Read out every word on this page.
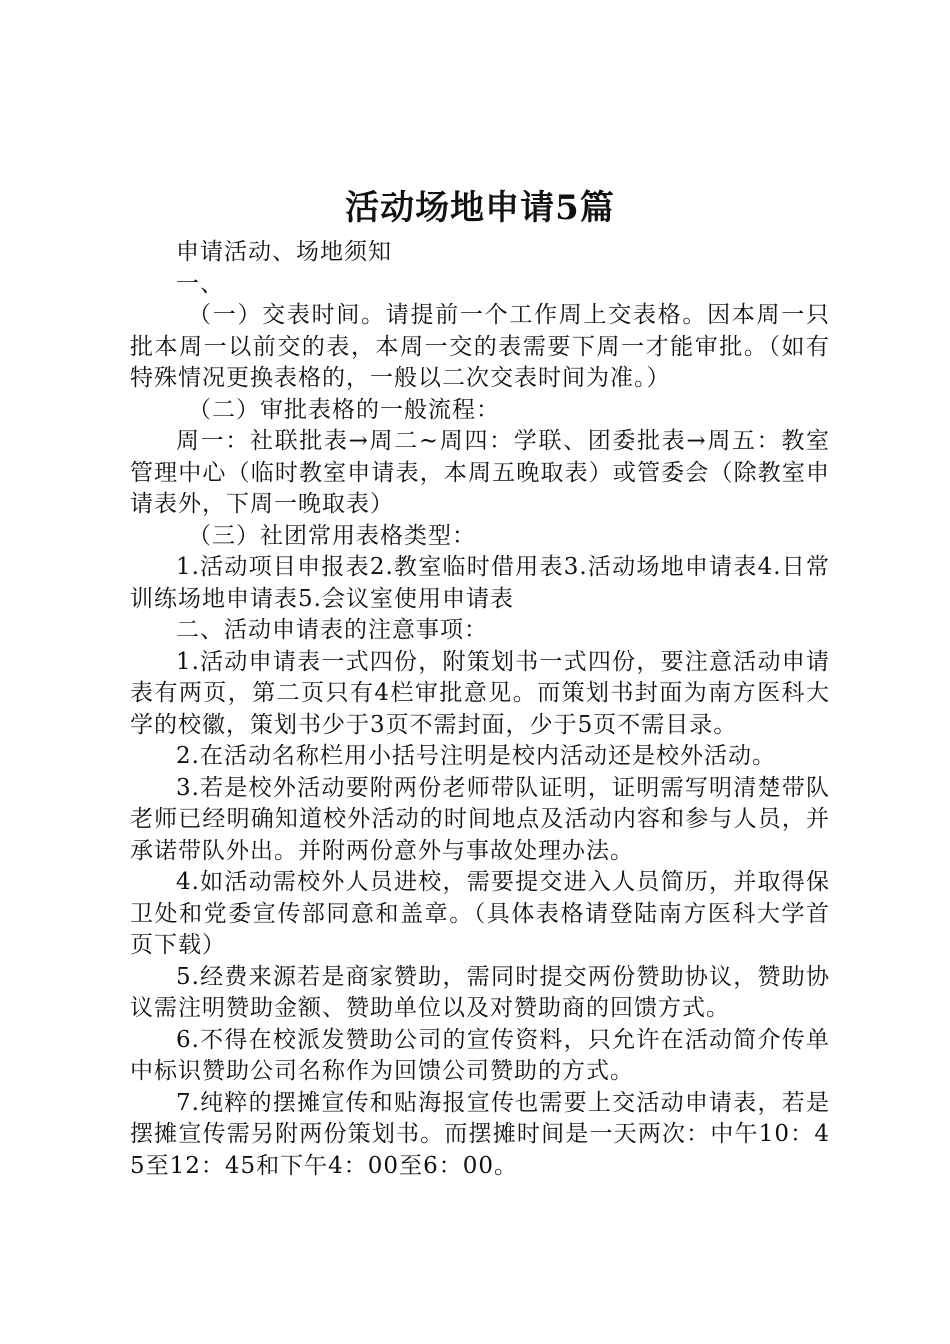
活动场地申请5篇

申请活动、场地须知

一、

（一）交表时间。请提前一个工作周上交表格。因本周一只批本周一以前交的表，本周一交的表需要下周一才能审批。（如有特殊情况更换表格的，一般以二次交表时间为准。）

（二）审批表格的一般流程：

周一：社联批表→周二~周四：学联、团委批表→周五：教室管理中心（临时教室申请表，本周五晚取表）或管委会（除教室申请表外，下周一晚取表）

（三）社团常用表格类型：

1.活动项目申报表2.教室临时借用表3.活动场地申请表4.日常训练场地申请表5.会议室使用申请表

二、活动申请表的注意事项：

1.活动申请表一式四份，附策划书一式四份，要注意活动申请表有两页，第二页只有4栏审批意见。而策划书封面为南方医科大学的校徽，策划书少于3页不需封面，少于5页不需目录。

2.在活动名称栏用小括号注明是校内活动还是校外活动。

3.若是校外活动要附两份老师带队证明，证明需写明清楚带队老师已经明确知道校外活动的时间地点及活动内容和参与人员，并承诺带队外出。并附两份意外与事故处理办法。

4.如活动需校外人员进校，需要提交进入人员简历，并取得保卫处和党委宣传部同意和盖章。（具体表格请登陆南方医科大学首页下载）

5.经费来源若是商家赞助，需同时提交两份赞助协议，赞助协议需注明赞助金额、赞助单位以及对赞助商的回馈方式。

6.不得在校派发赞助公司的宣传资料，只允许在活动简介传单中标识赞助公司名称作为回馈公司赞助的方式。

7.纯粹的摆摊宣传和贴海报宣传也需要上交活动申请表，若是摆摊宣传需另附两份策划书。而摆摊时间是一天两次：中午10：45至12：45和下午4：00至6：00。
